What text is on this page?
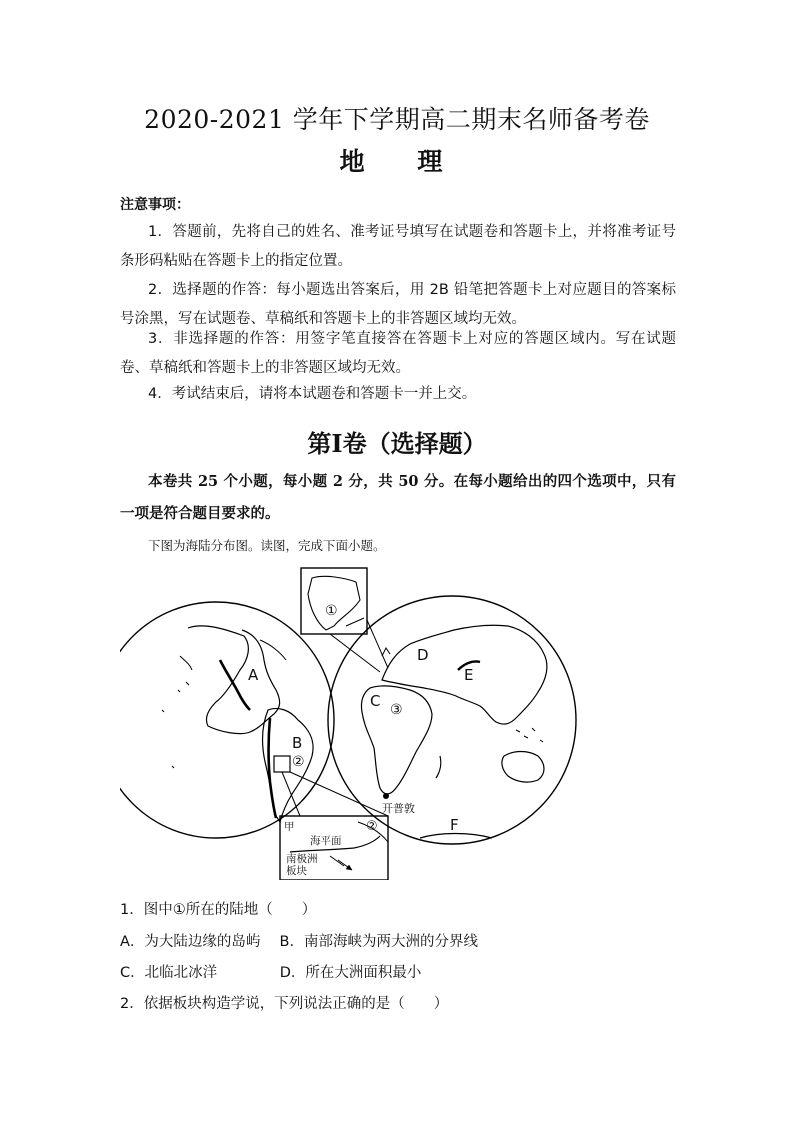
2020-2021 学年下学期高二期末名师备考卷
地 理
注意事项：
1．答题前，先将自己的姓名、准考证号填写在试题卷和答题卡上，并将准考证号条形码粘贴在答题卡上的指定位置。
2．选择题的作答：每小题选出答案后，用 2B 铅笔把答题卡上对应题目的答案标号涂黑，写在试题卷、草稿纸和答题卡上的非答题区域均无效。
3．非选择题的作答：用签字笔直接答在答题卡上对应的答题区域内。写在试题卷、草稿纸和答题卡上的非答题区域均无效。
4．考试结束后，请将本试题卷和答题卡一并上交。
第Ⅰ卷（选择题）
本卷共 25 个小题，每小题 2 分，共 50 分。在每小题给出的四个选项中，只有一项是符合题目要求的。
下图为海陆分布图。读图，完成下面小题。
A
B
C
D
E
F
①
②
③
开普敦
甲	②
海平面
南极洲
板块
1．图中①所在的陆地（　　）
A．为大陆边缘的岛屿　 B．南部海峡为两大洲的分界线
C．北临北冰洋　　　　 D．所在大洲面积最小
2．依据板块构造学说，下列说法正确的是（　　）
